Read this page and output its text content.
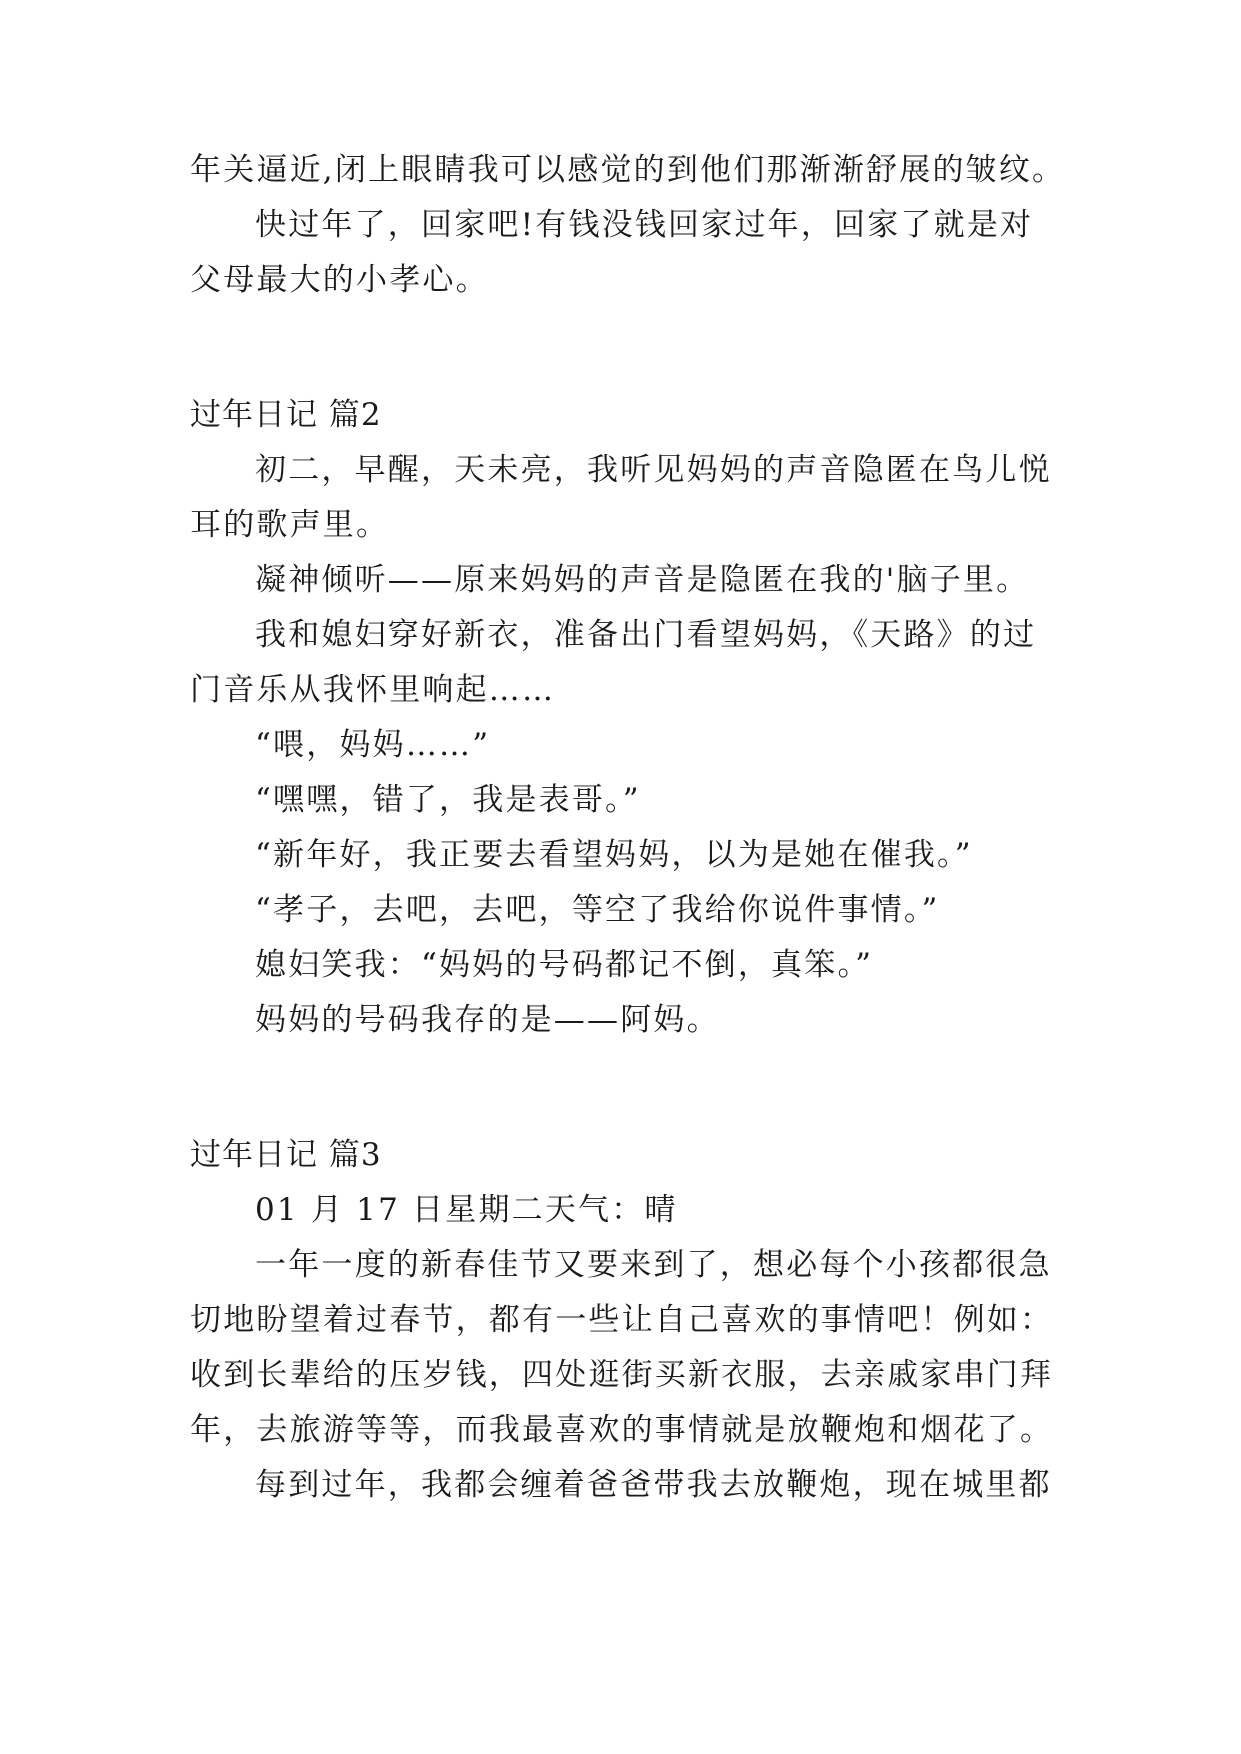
年关逼近,闭上眼睛我可以感觉的到他们那渐渐舒展的皱纹。
快过年了，回家吧!有钱没钱回家过年，回家了就是对
父母最大的小孝心。
过年日记 篇2
初二，早醒，天未亮，我听见妈妈的声音隐匿在鸟儿悦
耳的歌声里。
凝神倾听——原来妈妈的声音是隐匿在我的'脑子里。
我和媳妇穿好新衣，准备出门看望妈妈，《天路》的过
门音乐从我怀里响起……
“喂，妈妈……”
“嘿嘿，错了，我是表哥。”
“新年好，我正要去看望妈妈，以为是她在催我。”
“孝子，去吧，去吧，等空了我给你说件事情。”
媳妇笑我：“妈妈的号码都记不倒，真笨。”
妈妈的号码我存的是——阿妈。
过年日记 篇3
01 月 17 日星期二天气：晴
一年一度的新春佳节又要来到了，想必每个小孩都很急
切地盼望着过春节，都有一些让自己喜欢的事情吧！例如：
收到长辈给的压岁钱，四处逛街买新衣服，去亲戚家串门拜
年，去旅游等等，而我最喜欢的事情就是放鞭炮和烟花了。
每到过年，我都会缠着爸爸带我去放鞭炮，现在城里都
